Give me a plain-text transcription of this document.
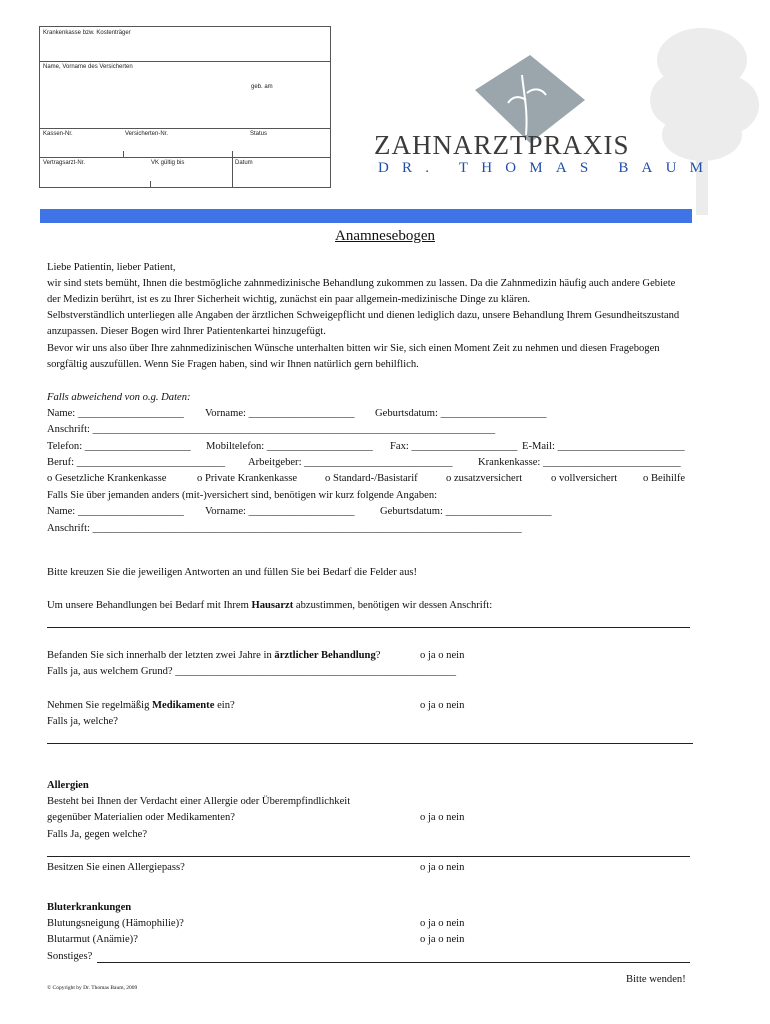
Krankenkasse bzw. Kostenträger
Name, Vorname des Versicherten
geb. am
Kassen-Nr.	Versicherten-Nr.	Status
Vertragsarzt-Nr.	VK gültig bis	Datum
ZAHNARZTPRAXIS
DR. THOMAS BAUM
Anamnesebogen
Liebe Patientin, lieber Patient,
wir sind stets bemüht, Ihnen die bestmögliche zahnmedizinische Behandlung zukommen zu lassen. Da die Zahnmedizin häufig auch andere Gebiete
der Medizin berührt, ist es zu Ihrer Sicherheit wichtig, zunächst ein paar allgemein-medizinische Dinge zu klären.
Selbstverständlich unterliegen alle Angaben der ärztlichen Schweigepflicht und dienen lediglich dazu, unsere Behandlung Ihrem Gesundheitszustand
anzupassen. Dieser Bogen wird Ihrer Patientenkartei hinzugefügt.
Bevor wir uns also über Ihre zahnmedizinischen Wünsche unterhalten bitten wir Sie, sich einen Moment Zeit zu nehmen und diesen Fragebogen
sorgfältig auszufüllen. Wenn Sie Fragen haben, sind wir Ihnen natürlich gern behilflich.
Falls abweichend von o.g. Daten:
Name: ____________________ Vorname: ____________________ Geburtsdatum: ____________________
Anschrift: ____________________________________________________________________________
Telefon: ____________________ Mobiltelefon: ____________________ Fax: ____________________ E-Mail: ________________________
Beruf: ____________________________ Arbeitgeber: ____________________________ Krankenkasse: __________________________
o Gesetzliche Krankenkasse	o Private Krankenkasse	o Standard-/Basistarif	o zusatzversichert	o vollversichert o Beihilfe
Falls Sie über jemanden anders (mit-)versichert sind, benötigen wir kurz folgende Angaben:
Name: ____________________ Vorname: ____________________ Geburtsdatum: ____________________
Anschrift: _________________________________________________________________________________
Bitte kreuzen Sie die jeweiligen Antworten an und füllen Sie bei Bedarf die Felder aus!
Um unsere Behandlungen bei Bedarf mit Ihrem Hausarzt abzustimmen, benötigen wir dessen Anschrift:
Befanden Sie sich innerhalb der letzten zwei Jahre in ärztlicher Behandlung?	o ja o nein
Falls ja, aus welchem Grund? _____________________________________________________
Nehmen Sie regelmäßig Medikamente ein?	o ja o nein
Falls ja, welche?
Allergien
Besteht bei Ihnen der Verdacht einer Allergie oder Überempfindlichkeit
gegenüber Materialien oder Medikamenten?	o ja o nein
Falls Ja, gegen welche?
Besitzen Sie einen Allergiepass?	o ja o nein
Bluterkrankungen
Blutungsneigung (Hämophilie)?	o ja o nein
Blutarmut (Anämie)?	o ja o nein
Sonstiges?
© Copyright by Dr. Thomas Baum, 2009
Bitte wenden!
